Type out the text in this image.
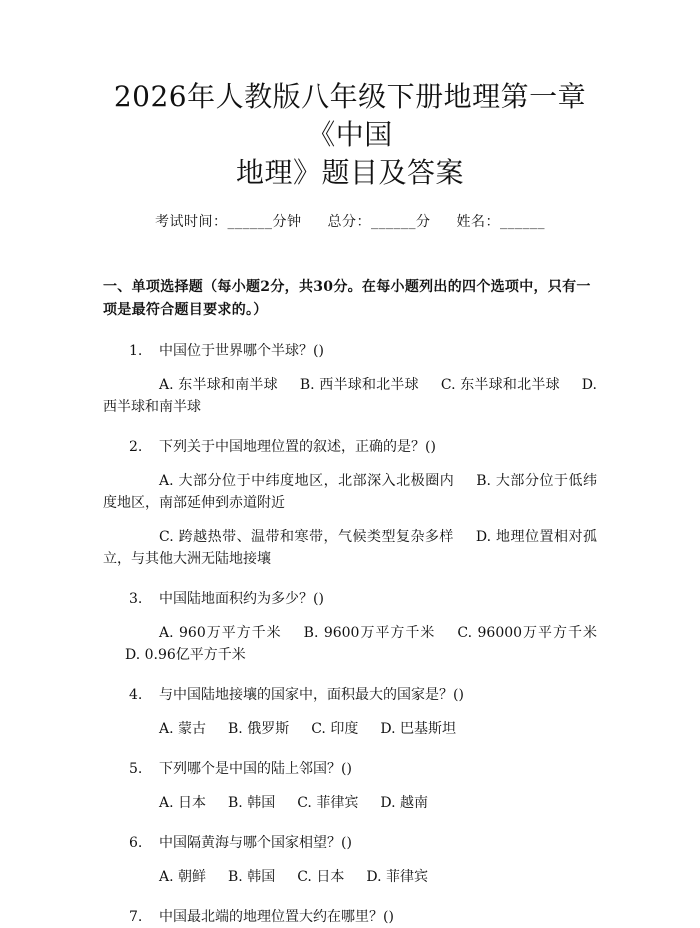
2026年人教版八年级下册地理第一章《中国
地理》题目及答案
考试时间：______分钟 总分：______分 姓名：______
一、单项选择题（每小题2分，共30分。在每小题列出的四个选项中，只有一项是最符合题目要求的。）
1. 中国位于世界哪个半球？()
A. 东半球和南半球 B. 西半球和北半球 C. 东半球和北半球 D. 西半球和南半球
2. 下列关于中国地理位置的叙述，正确的是？()
A. 大部分位于中纬度地区，北部深入北极圈内 B. 大部分位于低纬度地区，南部延伸到赤道附近
C. 跨越热带、温带和寒带，气候类型复杂多样 D. 地理位置相对孤立，与其他大洲无陆地接壤
3. 中国陆地面积约为多少？()
A. 960万平方千米 B. 9600万平方千米 C. 96000万平方千米D. 0.96亿平方千米
4. 与中国陆地接壤的国家中，面积最大的国家是？()
A. 蒙古 B. 俄罗斯 C. 印度 D. 巴基斯坦
5. 下列哪个是中国的陆上邻国？()
A. 日本 B. 韩国 C. 菲律宾 D. 越南
6. 中国隔黄海与哪个国家相望？()
A. 朝鲜 B. 韩国 C. 日本 D. 菲律宾
7. 中国最北端的地理位置大约在哪里？()
